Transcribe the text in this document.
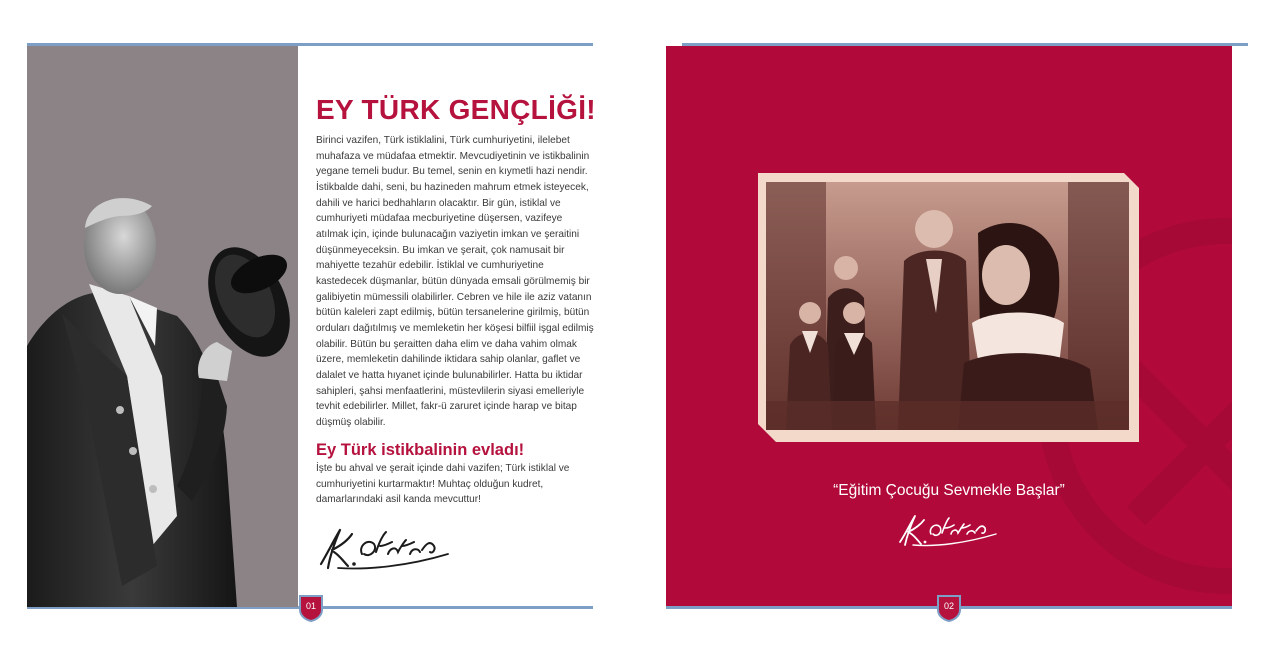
EY TÜRK GENÇLİĞİ!

Birinci vazifen, Türk istiklalini, Türk cumhuriyetini, ilelebet muhafaza ve müdafaa etmektir. Mevcudiyetinin ve istikbalinin yegane temeli budur. Bu temel, senin en kıymetli hazi nendir. İstikbalde dahi, seni, bu hazineden mahrum etmek isteyecek, dahili ve harici bedhahların olacaktır. Bir gün, istiklal ve cumhuriyeti müdafaa mecburiyetine düşersen, vazifeye atılmak için, içinde bulunacağın vaziyetin imkan ve şeraitini düşünmeyeceksin. Bu imkan ve şerait, çok namusait bir mahiyette tezahür edebilir. İstiklal ve cumhuriyetine kastedecek düşmanlar, bütün dünyada emsali görülmemiş bir galibiyetin mümessili olabilirler. Cebren ve hile ile aziz vatanın bütün kaleleri zapt edilmiş, bütün tersanelerine girilmiş, bütün orduları dağıtılmış ve memleketin her köşesi bilfiil işgal edilmiş olabilir. Bütün bu şeraitten daha elim ve daha vahim olmak üzere, memleketin dahilinde iktidara sahip olanlar, gaflet ve dalalet ve hatta hıyanet içinde bulunabilirler. Hatta bu iktidar sahipleri, şahsi menfaatlerini, müstevlilerin siyasi emelleriyle tevhit edebilirler. Millet, fakr-ü zaruret içinde harap ve bitap düşmüş olabilir.

Ey Türk istikbalinin evladı!

İşte bu ahval ve şerait içinde dahi vazifen; Türk istiklal ve cumhuriyetini kurtarmaktır! Muhtaç olduğun kudret, damarlarındaki asil kanda mevcuttur!

01

“Eğitim Çocuğu Sevmekle Başlar”

02
